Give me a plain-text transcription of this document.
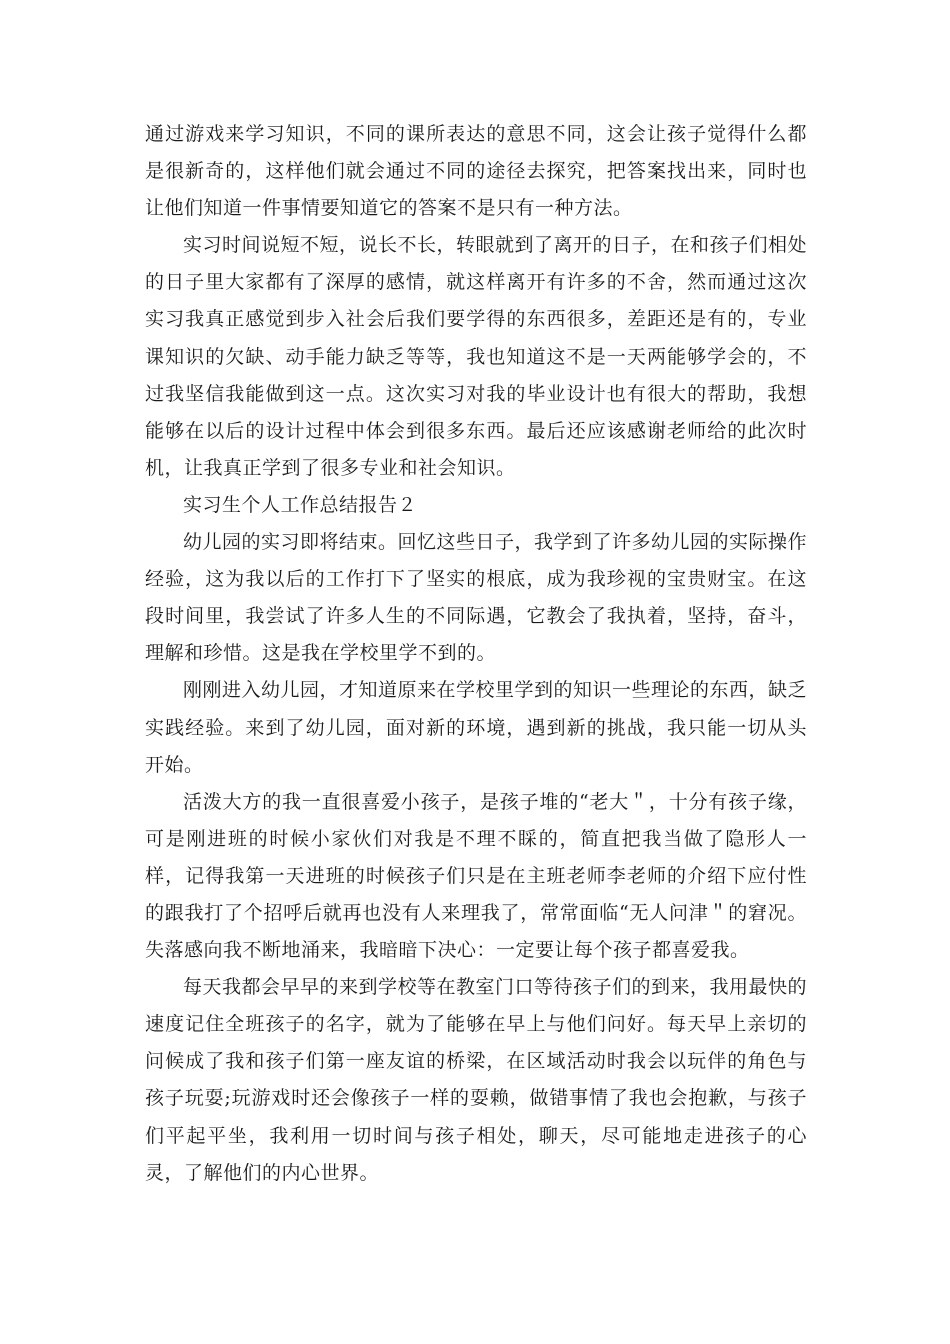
通过游戏来学习知识，不同的课所表达的意思不同，这会让孩子觉得什么都是很新奇的，这样他们就会通过不同的途径去探究，把答案找出来，同时也让他们知道一件事情要知道它的答案不是只有一种方法。

实习时间说短不短，说长不长，转眼就到了离开的日子，在和孩子们相处的日子里大家都有了深厚的感情，就这样离开有许多的不舍，然而通过这次实习我真正感觉到步入社会后我们要学得的东西很多，差距还是有的，专业课知识的欠缺、动手能力缺乏等等，我也知道这不是一天两能够学会的，不过我坚信我能做到这一点。这次实习对我的毕业设计也有很大的帮助，我想能够在以后的设计过程中体会到很多东西。最后还应该感谢老师给的此次时机，让我真正学到了很多专业和社会知识。

实习生个人工作总结报告２

幼儿园的实习即将结束。回忆这些日子，我学到了许多幼儿园的实际操作经验，这为我以后的工作打下了坚实的根底，成为我珍视的宝贵财宝。在这段时间里，我尝试了许多人生的不同际遇，它教会了我执着，坚持，奋斗，理解和珍惜。这是我在学校里学不到的。

刚刚进入幼儿园，才知道原来在学校里学到的知识一些理论的东西，缺乏实践经验。来到了幼儿园，面对新的环境，遇到新的挑战，我只能一切从头开始。

活泼大方的我一直很喜爱小孩子，是孩子堆的“老大＂，十分有孩子缘，可是刚进班的时候小家伙们对我是不理不睬的，简直把我当做了隐形人一样，记得我第一天进班的时候孩子们只是在主班老师李老师的介绍下应付性的跟我打了个招呼后就再也没有人来理我了，常常面临“无人问津＂的窘况。失落感向我不断地涌来，我暗暗下决心：一定要让每个孩子都喜爱我。

每天我都会早早的来到学校等在教室门口等待孩子们的到来，我用最快的速度记住全班孩子的名字，就为了能够在早上与他们问好。每天早上亲切的问候成了我和孩子们第一座友谊的桥梁，在区域活动时我会以玩伴的角色与孩子玩耍;玩游戏时还会像孩子一样的耍赖，做错事情了我也会抱歉，与孩子们平起平坐，我利用一切时间与孩子相处，聊天，尽可能地走进孩子的心灵，了解他们的内心世界。
